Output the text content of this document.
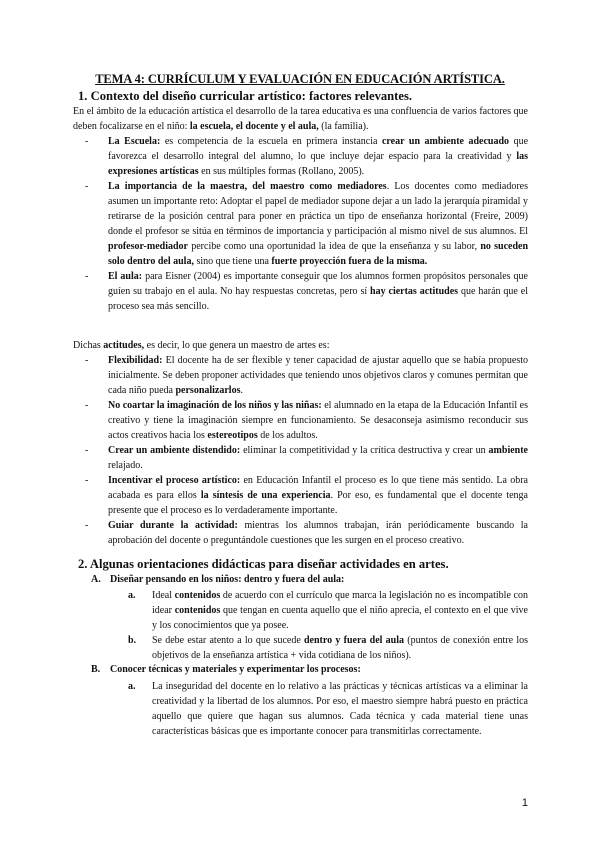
TEMA 4: CURRÍCULUM Y EVALUACIÓN EN EDUCACIÓN ARTÍSTICA.
1. Contexto del diseño curricular artístico: factores relevantes.
En el ámbito de la educación artística el desarrollo de la tarea educativa es una confluencia de varios factores que deben focalizarse en el niño: la escuela, el docente y el aula, (la familia).
- La Escuela: es competencia de la escuela en primera instancia crear un ambiente adecuado que favorezca el desarrollo integral del alumno, lo que incluye dejar espacio para la creatividad y las expresiones artísticas en sus múltiples formas (Rollano, 2005).
- La importancia de la maestra, del maestro como mediadores. Los docentes como mediadores asumen un importante reto: Adoptar el papel de mediador supone dejar a un lado la jerarquía piramidal y retirarse de la posición central para poner en práctica un tipo de enseñanza horizontal (Freire, 2009) donde el profesor se sitúa en términos de importancia y participación al mismo nivel de sus alumnos. El profesor-mediador percibe como una oportunidad la idea de que la enseñanza y su labor, no suceden solo dentro del aula, sino que tiene una fuerte proyección fuera de la misma.
- El aula: para Eisner (2004) es importante conseguir que los alumnos formen propósitos personales que guíen su trabajo en el aula. No hay respuestas concretas, pero sí hay ciertas actitudes que harán que el proceso sea más sencillo.
Dichas actitudes, es decir, lo que genera un maestro de artes es:
- Flexibilidad: El docente ha de ser flexible y tener capacidad de ajustar aquello que se había propuesto inicialmente. Se deben proponer actividades que teniendo unos objetivos claros y comunes permitan que cada niño pueda personalizarlos.
- No coartar la imaginación de los niños y las niñas: el alumnado en la etapa de la Educación Infantil es creativo y tiene la imaginación siempre en funcionamiento. Se desaconseja asimismo reconducir sus actos creativos hacia los estereotipos de los adultos.
- Crear un ambiente distendido: eliminar la competitividad y la crítica destructiva y crear un ambiente relajado.
- Incentivar el proceso artístico: en Educación Infantil el proceso es lo que tiene más sentido. La obra acabada es para ellos la síntesis de una experiencia. Por eso, es fundamental que el docente tenga presente que el proceso es lo verdaderamente importante.
- Guiar durante la actividad: mientras los alumnos trabajan, irán periódicamente buscando la aprobación del docente o preguntándole cuestiones que les surgen en el proceso creativo.
2. Algunas orientaciones didácticas para diseñar actividades en artes.
A. Diseñar pensando en los niños: dentro y fuera del aula:
a. Ideal contenidos de acuerdo con el currículo que marca la legislación no es incompatible con idear contenidos que tengan en cuenta aquello que el niño aprecia, el contexto en el que vive y los conocimientos que ya posee.
b. Se debe estar atento a lo que sucede dentro y fuera del aula (puntos de conexión entre los objetivos de la enseñanza artística + vida cotidiana de los niños).
B. Conocer técnicas y materiales y experimentar los procesos:
a. La inseguridad del docente en lo relativo a las prácticas y técnicas artísticas va a eliminar la creatividad y la libertad de los alumnos. Por eso, el maestro siempre habrá puesto en práctica aquello que quiere que hagan sus alumnos. Cada técnica y cada material tiene unas características básicas que es importante conocer para transmitirlas correctamente.
1
